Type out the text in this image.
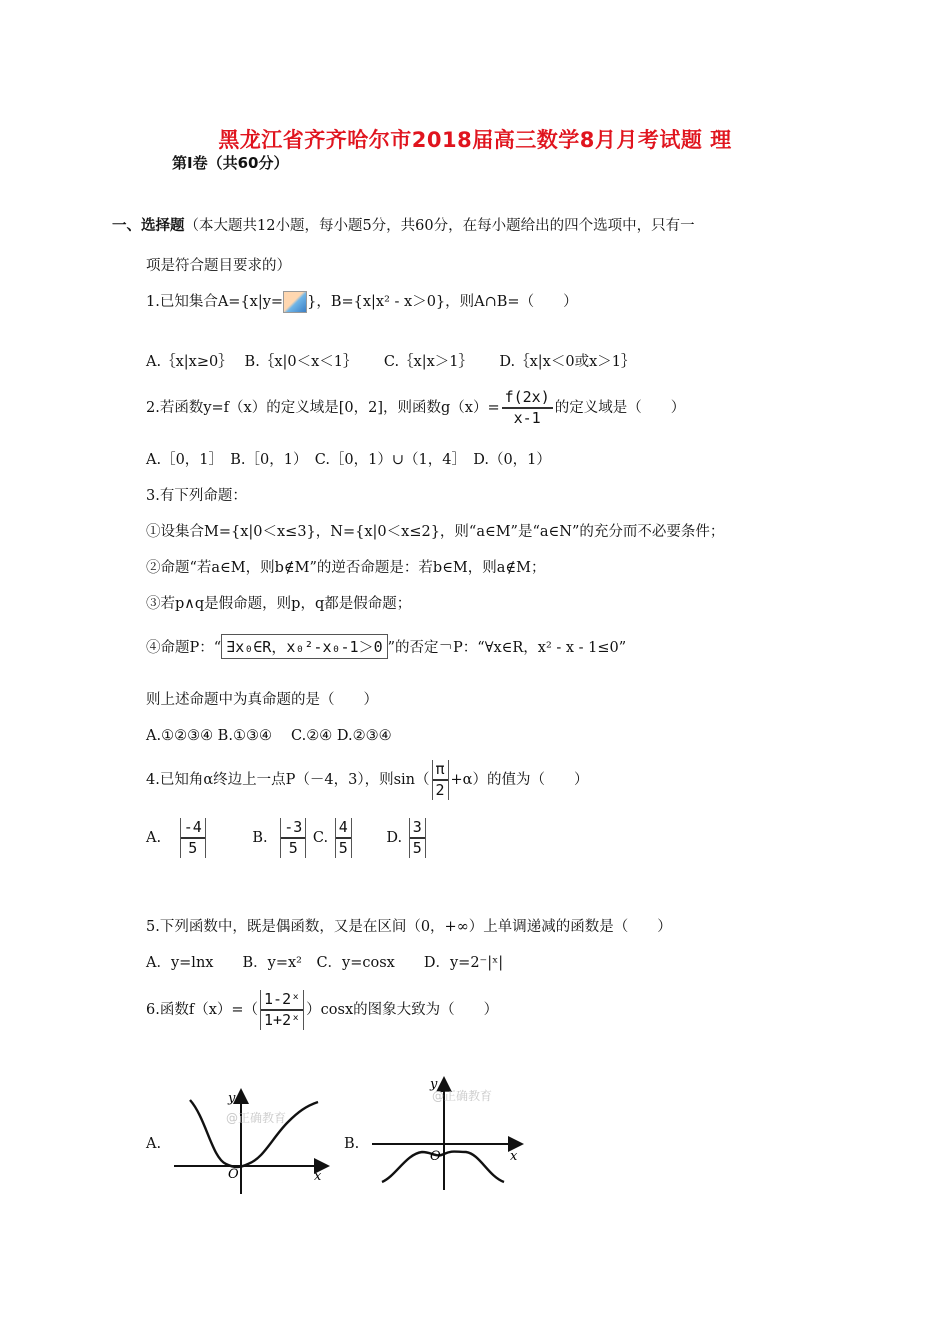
黑龙江省齐齐哈尔市2018届高三数学8月月考试题 理
第Ⅰ卷（共60分）
一、选择题（本大题共12小题，每小题5分，共60分，在每小题给出的四个选项中，只有一
项是符合题目要求的）
1.已知集合A={x|y= }，B={x|x² - x＞0}，则A∩B=（　　）
A.｛x|x≥0｝　 B.｛x|0＜x＜1｝　　 C.｛x|x＞1｝　　 D.｛x|x＜0或x＞1｝
2.若函数y=f（x）的定义域是[0，2]，则函数$g(x)= \frac{f(2x)}{x-1}$ 的定义域是（　　）
A.［0，1］　B.［0，1）　C.［0，1）∪（1，4］　D.（0，1）
3.有下列命题：
①设集合M={x|0＜x≤3}，N={x|0＜x≤2}，则“a∈M”是“a∈N”的充分而不必要条件；
②命题“若a∈M，则b∉M”的逆否命题是：若b∈M，则a∉M；
③若p∧q是假命题，则p，q都是假命题；
④命题P：“ ∃x₀∈R，x₀²-x₀-1＞0 ”的否定￢P：“∀x∈R，x² - x - 1≤0”
则上述命题中为真命题的是（　　）
A.①②③④ B.①③④　 C.②④ D.②③④
4.已知角α终边上一点P（－4，3），则$\sin( \frac{\pi}{2} +\alpha)$的值为（　　）
A. $\frac{-4}{5}$	B. $\frac{-3}{5} C$. $\frac{4}{5} D$. $\frac{3}{5}$
5.下列函数中，既是偶函数，又是在区间（0，+∞）上单调递减的函数是（　　）
A．y=lnx　　B．y=x²　C．y=cosx　　D．y=2⁻|ˣ|
6.函数$f(x)=( \frac{\text{1-2ˣ}}{\text{1+2ˣ}} )\cos x$的图象大致为（　　）
A.	B.
O	x
y
@正确教育
O	x
y
@正确教育
